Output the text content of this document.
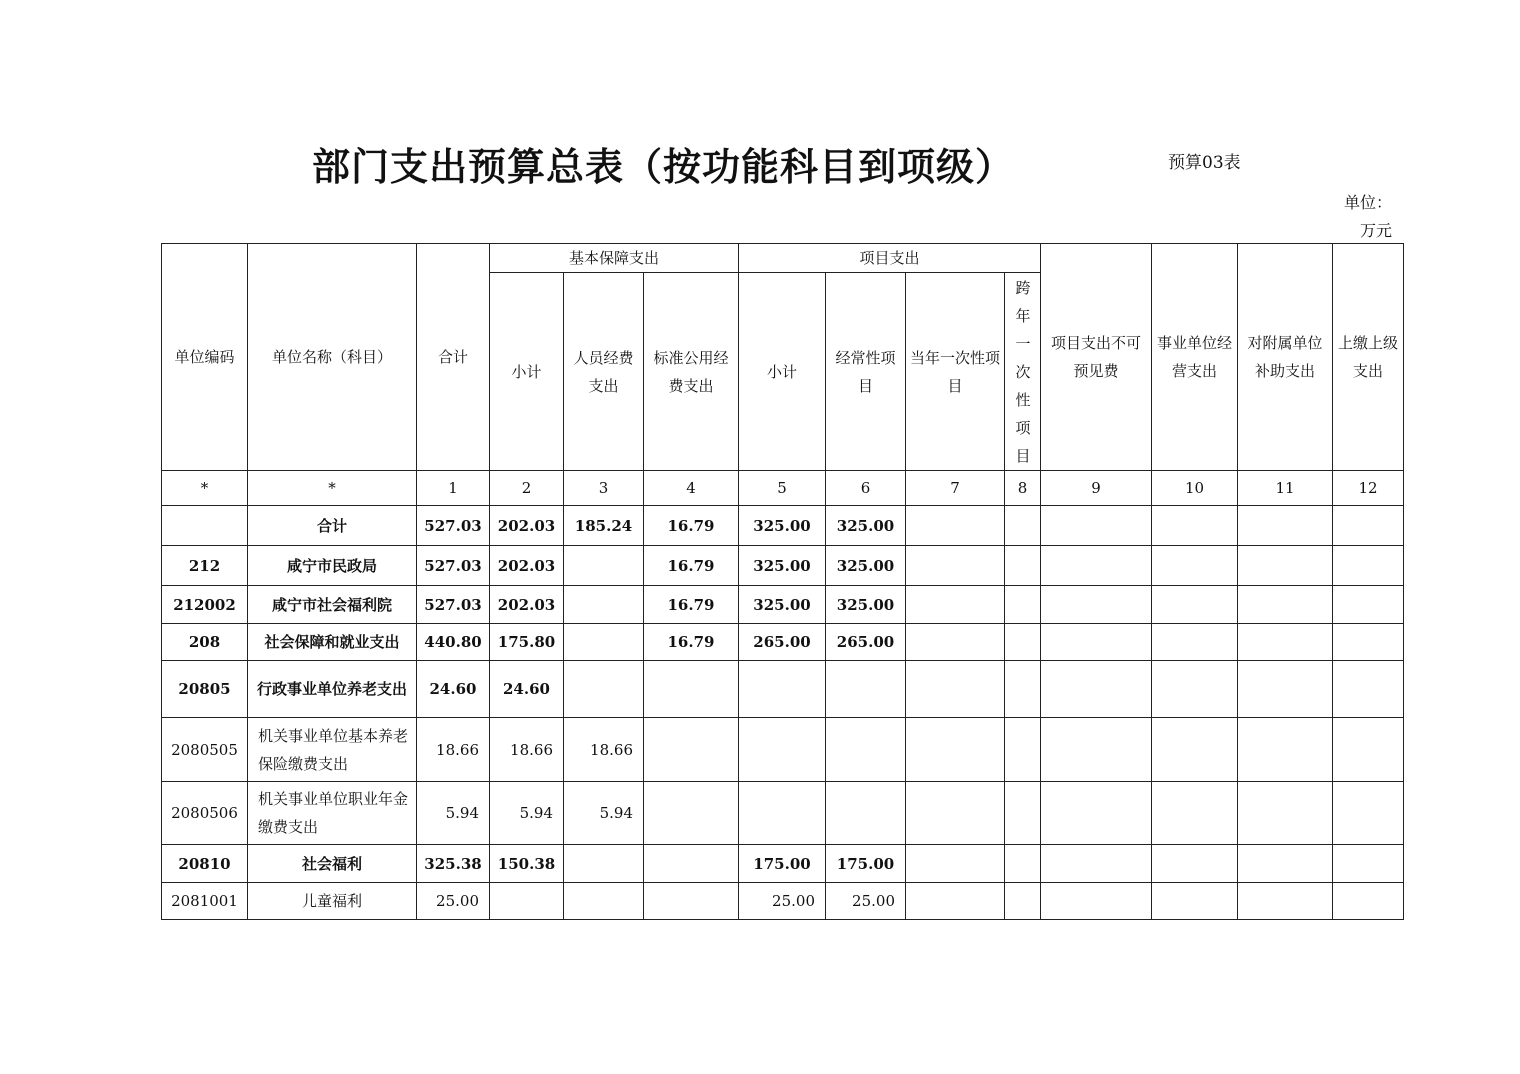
部门支出预算总表（按功能科目到项级）	预算03表
单位：
万元
单位编码	单位名称（科目）	合计	基本保障支出			项目支出				项目支出不可预见费	事业单位经营支出	对附属单位补助支出	上缴上级支出
			小计	人员经费支出	标准公用经费支出	小计	经常性项目	当年一次性项目	跨年一次性项目				

*	*	1	2	3	4	5	6	7	8	9	10	11	12
	合计	527.03	202.03	185.24	16.79	325.00	325.00						
212	咸宁市民政局	527.03	202.03		16.79	325.00	325.00						
212002	咸宁市社会福利院	527.03	202.03		16.79	325.00	325.00						
208	社会保障和就业支出	440.80	175.80		16.79	265.00	265.00						
20805	行政事业单位养老支出	24.60	24.60										
2080505	机关事业单位基本养老保险缴费支出	18.66	18.66	18.66									
2080506	机关事业单位职业年金缴费支出	5.94	5.94	5.94									
20810	社会福利	325.38	150.38			175.00	175.00						
2081001	儿童福利	25.00				25.00	25.00						
